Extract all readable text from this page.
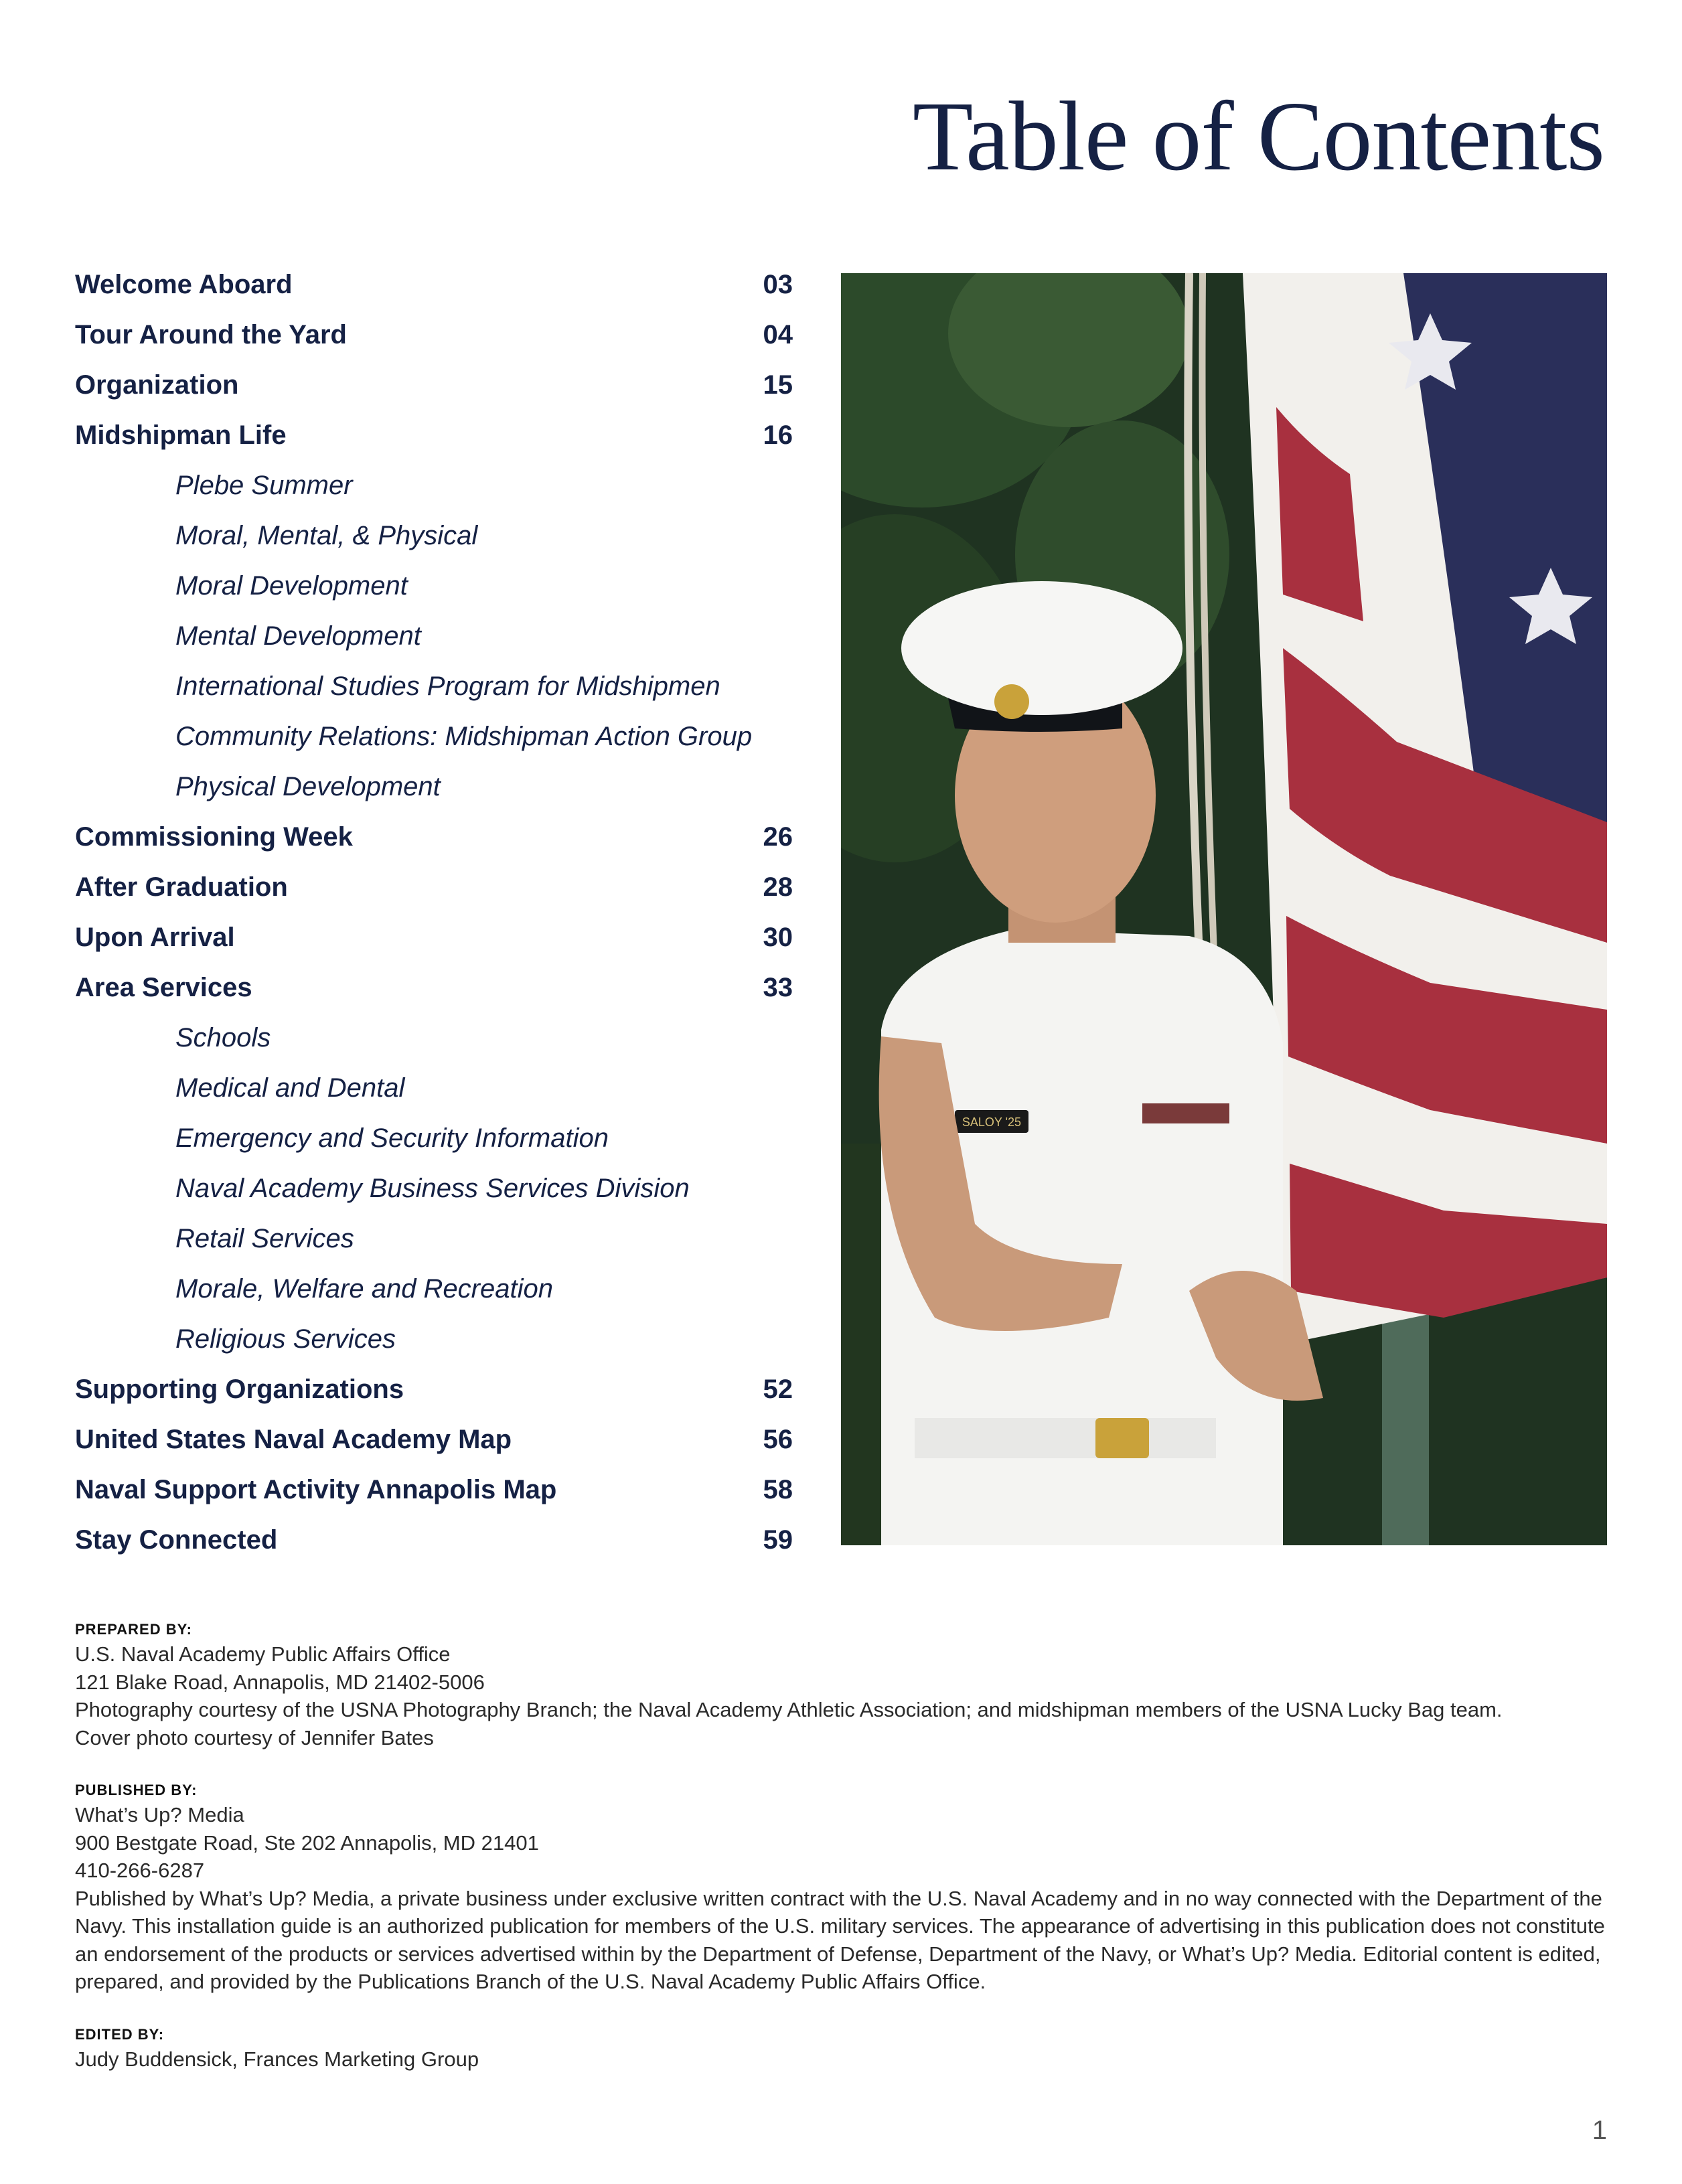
Table of Contents
Welcome Aboard	03
Tour Around the Yard	04
Organization	15
Midshipman Life	16
Plebe Summer
Moral, Mental, & Physical
Moral Development
Mental Development
International Studies Program for Midshipmen
Community Relations: Midshipman Action Group
Physical Development
Commissioning Week	26
After Graduation	28
Upon Arrival	30
Area Services	33
Schools
Medical and Dental
Emergency and Security Information
Naval Academy Business Services Division
Retail Services
Morale, Welfare and Recreation
Religious Services
Supporting Organizations	52
United States Naval Academy Map	56
Naval Support Activity Annapolis Map	58
Stay Connected	59
SALOY '25

PREPARED BY:

U.S. Naval Academy Public Affairs Office

121 Blake Road, Annapolis, MD 21402-5006

Photography courtesy of the USNA Photography Branch; the Naval Academy Athletic Association; and midshipman members of the USNA Lucky Bag team.

Cover photo courtesy of Jennifer Bates

PUBLISHED BY:

What’s Up? Media

900 Bestgate Road, Ste 202 Annapolis, MD 21401

410-266-6287

Published by What’s Up? Media, a private business under exclusive written contract with the U.S. Naval Academy and in no way connected with the Department of the Navy. This installation guide is an authorized publication for members of the U.S. military services. The appearance of advertising in this publication does not constitute an endorsement of the products or services advertised within by the Department of Defense, Department of the Navy, or What’s Up? Media. Editorial content is edited, prepared, and provided by the Publications Branch of the U.S. Naval Academy Public Affairs Office.

EDITED BY:

Judy Buddensick, Frances Marketing Group

1
